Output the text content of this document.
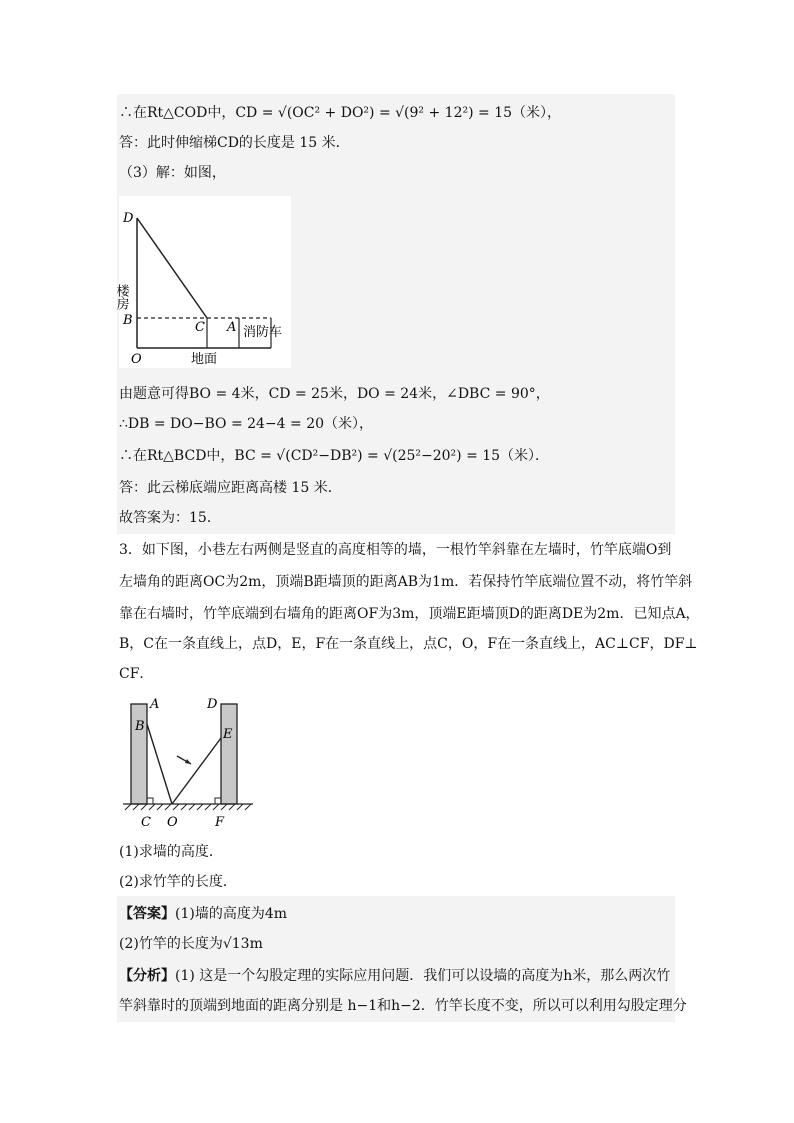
∴在Rt△COD中，CD = √(OC² + DO²) = √(9² + 12²) = 15（米），
答：此时伸缩梯CD的长度是 15 米．
（3）解：如图，
D
楼房
B	C A 消防车
O	地面
由题意可得BO = 4米，CD = 25米，DO = 24米，∠DBC = 90°，
∴DB = DO−BO = 24−4 = 20（米），
∴在Rt△BCD中，BC = √(CD²−DB²) = √(25²−20²) = 15（米）．
答：此云梯底端应距离高楼 15 米．
故答案为：15．
3．如下图，小巷左右两侧是竖直的高度相等的墙，一根竹竿斜靠在左墙时，竹竿底端O到
左墙角的距离OC为2m，顶端B距墙顶的距离AB为1m．若保持竹竿底端位置不动，将竹竿斜
靠在右墙时，竹竿底端到右墙角的距离OF为3m，顶端E距墙顶D的距离DE为2m．已知点A，
B，C在一条直线上，点D，E，F在一条直线上，点C，O，F在一条直线上，AC⊥CF，DF⊥
CF．
A
B
D
E
C O	F
(1)求墙的高度．
(2)求竹竿的长度．
【答案】(1)墙的高度为4m
(2)竹竿的长度为√13m
【分析】(1) 这是一个勾股定理的实际应用问题．我们可以设墙的高度为h米，那么两次竹
竿斜靠时的顶端到地面的距离分别是 h−1和h−2．竹竿长度不变，所以可以利用勾股定理分
